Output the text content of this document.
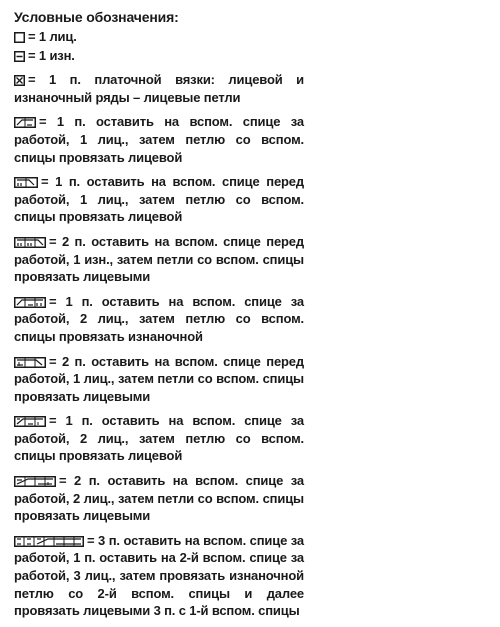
Условные обозначения:
= 1 лиц.
= 1 изн.
= 1 п. платочной вязки: лицевой и изнаночный ряды – лицевые петли
= 1 п. оставить на вспом. спице за работой, 1 лиц., затем петлю со вспом. спицы провязать лицевой
= 1 п. оставить на вспом. спице перед работой, 1 лиц., затем петлю со вспом. спицы провязать лицевой
= 2 п. оставить на вспом. спице перед работой, 1 изн., затем петли со вспом. спицы провязать лицевыми
= 1 п. оставить на вспом. спице за работой, 2 лиц., затем петлю со вспом. спицы провязать изнаночной
= 2 п. оставить на вспом. спице перед работой, 1 лиц., затем петли со вспом. спицы провязать лицевыми
= 1 п. оставить на вспом. спице за работой, 2 лиц., затем петлю со вспом. спицы провязать лицевой
= 2 п. оставить на вспом. спице за работой, 2 лиц., затем петли со вспом. спицы провязать лицевыми
= 3 п. оставить на вспом. спице за работой, 1 п. оставить на 2-й вспом. спице за работой, 3 лиц., затем провязать изнаночной петлю со 2-й вспом. спицы и далее провязать лицевыми 3 п. с 1-й вспом. спицы
